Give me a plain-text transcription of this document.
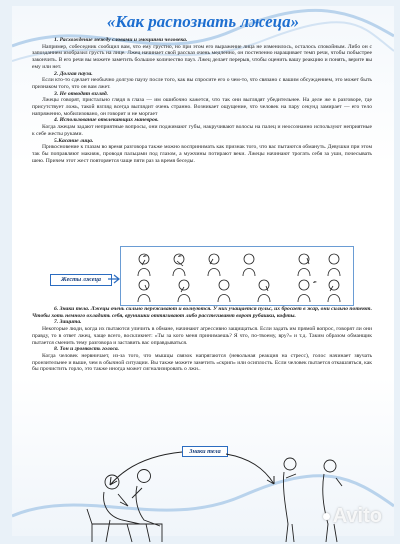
«Как распознать лжеца»

1. Расхождение между словами и эмоциями человека.

Например, собеседник сообщил вам, что ему грустно, но при этом его выражение лица не изменилось, осталось спокойным. Либо он с запозданием изобразил грусть на лице. Лжец начинает свой рассказ очень медленно, он постепенно наращивает темп речи, чтобы побыстрее закончить. В его речи вы можете заметить большое количество пауз. Лжец делает перерыв, чтобы оценить вашу реакцию и понять, верите вы ему или нет.

2. Долгая пауза.

Если кто-то сделает необычно долгую паузу после того, как вы спросите его о чем-то, что связано с вашим обсуждением, это может быть признаком того, что он вам лжет.

3. Не отводят взгляд.

Лжецы говорят, пристально глядя в глаза — им ошибочно кажется, что так они выглядят убедительнее. На деле же в разговоре, где присутствует ложь, такой взгляд всегда выглядит очень странно. Возникает ощущение, что человек на пару секунд замирает — его тело напряженно, мобилизовано, он говорит и не моргает

4. Использование отвлекающих маневров.

Когда лжецам задают неприятные вопросы, они поджимают губы, накручивают волосы на палец и неосознанно используют неприятные к себе жесты руками.

5.Касание лица.

Прикосновение к глазам во время разговора также можно воспринимать как признак того, что вас пытаются обмануть. Девушки при этом так бы поправляют макияж, проводя пальцами под глазом, а мужчины потирают веки. Лжецы начинают трогать себя за уши, почесывать шею. Причем этот жест повторяется чаще пяти раз за время беседы.

Жесты лжеца

6. Знаки тела. Лжецы очень сильно переживают и волнуются. У них учащается пульс, их бросает в жар, они сильно потеют. Чтобы хоть немного охладить себя, врунишки оттягивают либо расстегивают ворот рубашки, кофты.

7. Защита.

Некоторые люди, когда их пытаются уличить в обмане, начинают агрессивно защищаться. Если задать им прямой вопрос, говорят ли они правду, то в ответ лжец, чаще всего, воскликнет: «Ты за кого меня принимаешь? Я что, по-твоему, вру?» и т.д. Таким образом обманщик пытается сменить тему разговора и заставить вас оправдываться.

8. Тон и громкость голоса.

Когда человек нервничает, из-за того, что мышцы связок напрягаются (невольная реакция на стресс), голос начинает звучать пронзительнее и выше, чем в обычной ситуации. Вы также можете заметить «скрип» или осиплость. Если человек пытается откашляться, как бы прочистить горло, это также иногда может сигнализировать о лжи..

Знаки тела
Avito
